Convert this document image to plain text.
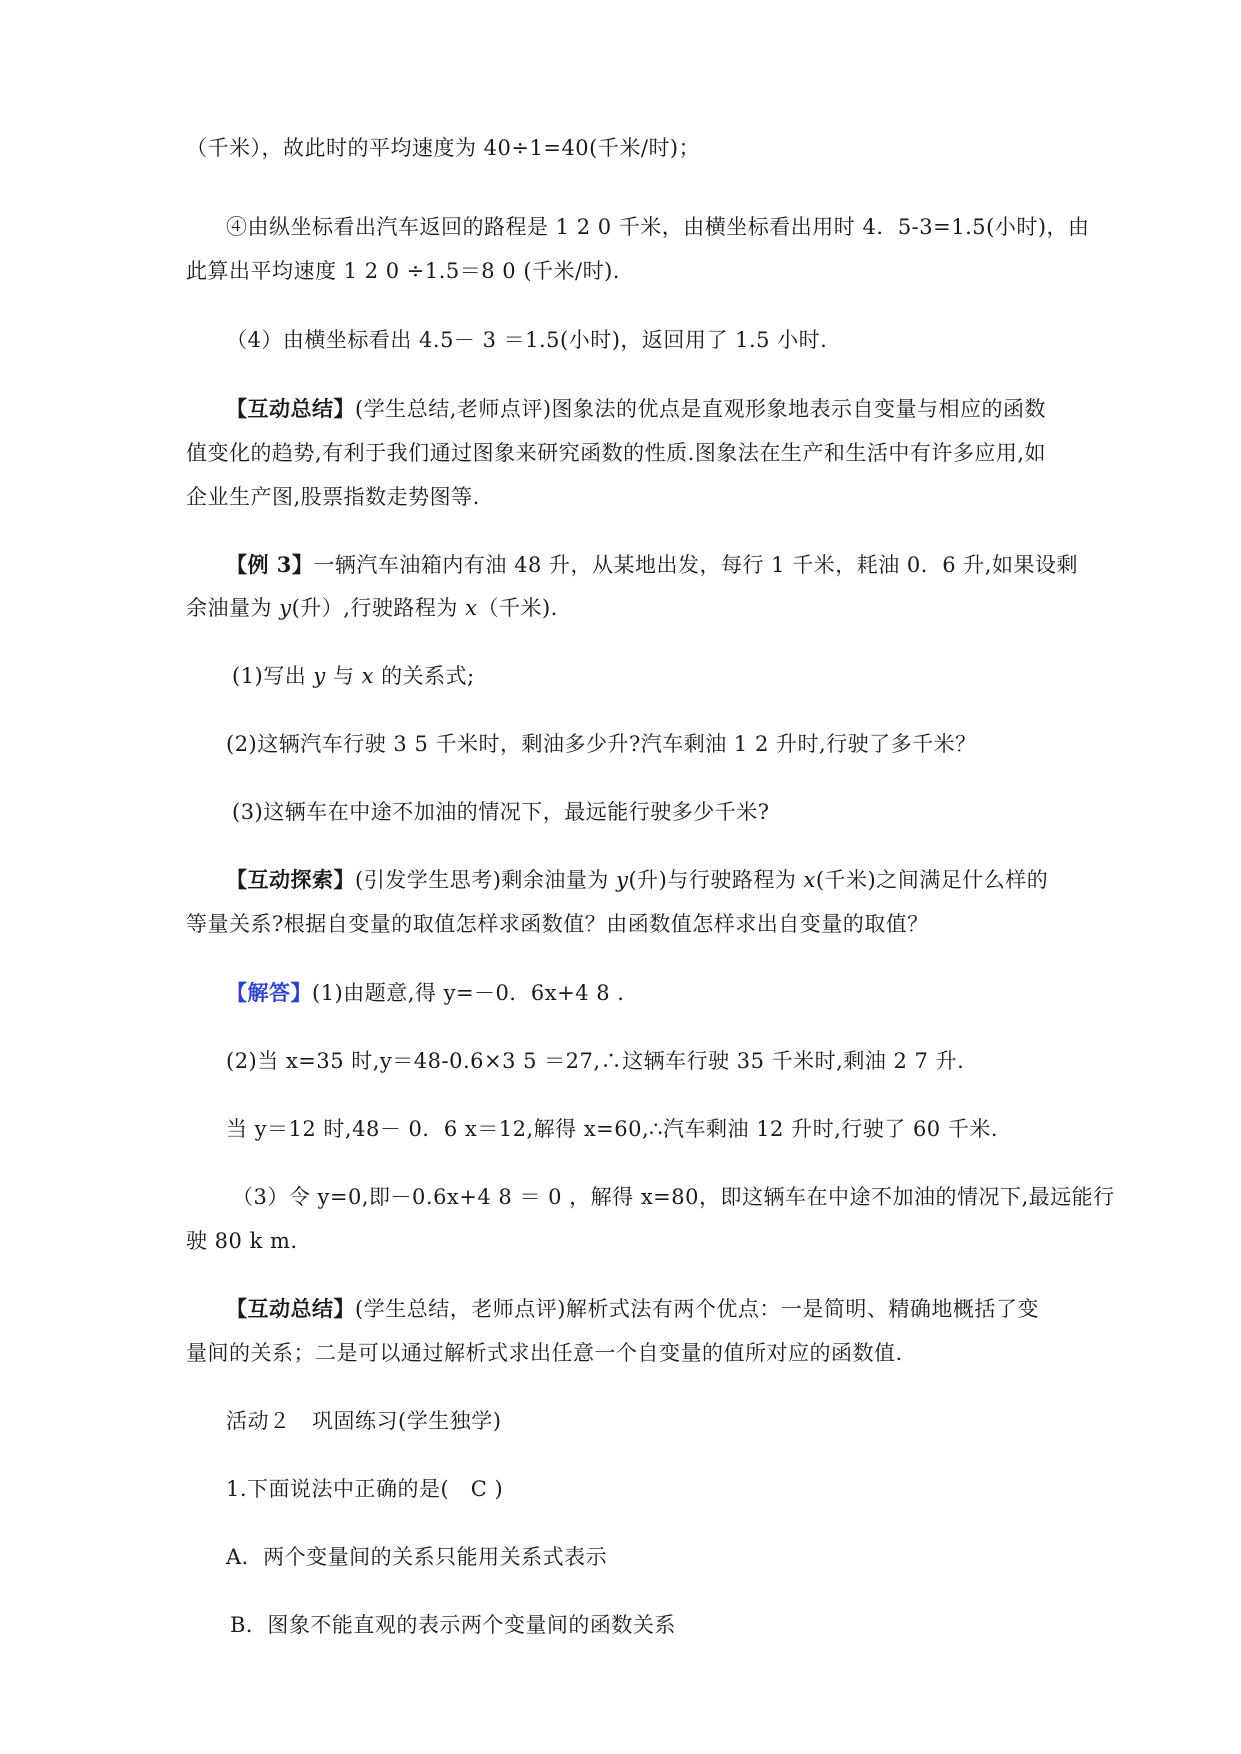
（千米），故此时的平均速度为 40÷1=40(千米/时)；
④由纵坐标看出汽车返回的路程是 1 2 0 千米，由横坐标看出用时 4．5-3=1.5(小时)，由
此算出平均速度 1 2 0 ÷1.5＝8 0 (千米/时).
（4）由横坐标看出 4.5－ 3 ＝1.5(小时)，返回用了 1.5 小时.
【互动总结】(学生总结,老师点评)图象法的优点是直观形象地表示自变量与相应的函数
值变化的趋势,有利于我们通过图象来研究函数的性质.图象法在生产和生活中有许多应用,如
企业生产图,股票指数走势图等.
【例 3】一辆汽车油箱内有油 48 升，从某地出发，每行 1 千米，耗油 0．6 升,如果设剩
余油量为 y(升）,行驶路程为 x（千米).
(1)写出 y 与 x 的关系式;
(2)这辆汽车行驶 3 5 千米时，剩油多少升?汽车剩油 1 2 升时,行驶了多千米？
(3)这辆车在中途不加油的情况下，最远能行驶多少千米?
【互动探索】(引发学生思考)剩余油量为 y(升)与行驶路程为 x(千米)之间满足什么样的
等量关系?根据自变量的取值怎样求函数值？由函数值怎样求出自变量的取值？
【解答】(1)由题意,得 y=－0．6x+4 8 .
(2)当 x=35 时,y＝48-0.6×3 5 ＝27,∴这辆车行驶 35 千米时,剩油 2 7 升.
当 y＝12 时,48－ 0．6 x＝12,解得 x=60,∴汽车剩油 12 升时,行驶了 60 千米.
（3）令 y=0,即－0.6x+4 8 ＝ 0 ，解得 x=80，即这辆车在中途不加油的情况下,最远能行
驶 80 k m.
【互动总结】(学生总结，老师点评)解析式法有两个优点：一是简明、精确地概括了变
量间的关系；二是可以通过解析式求出任意一个自变量的值所对应的函数值.
活动２　巩固练习(学生独学)
1.下面说法中正确的是(　C )
A．两个变量间的关系只能用关系式表示
B．图象不能直观的表示两个变量间的函数关系
